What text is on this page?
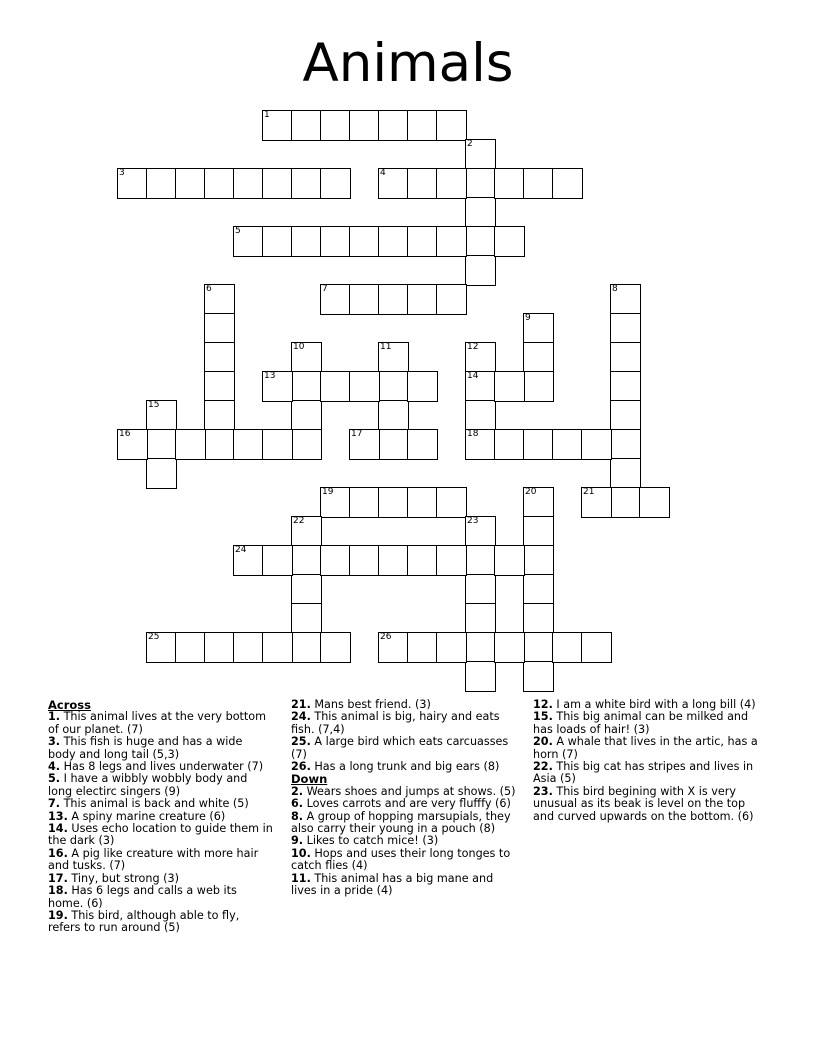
Animals
1
2
3	4
5
6	7	8
9
10	11	12
14
18
13
15
16	17
19	20	21
22	23
24
25	26
Across
1. This animal lives at the very bottom of our planet. (7)
3. This fish is huge and has a wide body and long tail (5,3)
4. Has 8 legs and lives underwater (7)
5. I have a wibbly wobbly body and long electirc singers (9)
7. This animal is back and white (5)
13. A spiny marine creature (6)
14. Uses echo location to guide them in the dark (3)
16. A pig like creature with more hair and tusks. (7)
17. Tiny, but strong (3)
18. Has 6 legs and calls a web its home. (6)
19. This bird, although able to fly, refers to run around (5)
21. Mans best friend. (3)
24. This animal is big, hairy and eats fish. (7,4)
25. A large bird which eats carcuasses (7)
26. Has a long trunk and big ears (8)
Down
2. Wears shoes and jumps at shows. (5)
6. Loves carrots and are very flufffy (6)
8. A group of hopping marsupials, they also carry their young in a pouch (8)
9. Likes to catch mice! (3)
10. Hops and uses their long tonges to catch flies (4)
11. This animal has a big mane and lives in a pride (4)
12. I am a white bird with a long bill (4)
15. This big animal can be milked and has loads of hair! (3)
20. A whale that lives in the artic, has a horn (7)
22. This big cat has stripes and lives in Asia (5)
23. This bird begining with X is very unusual as its beak is level on the top and curved upwards on the bottom. (6)
